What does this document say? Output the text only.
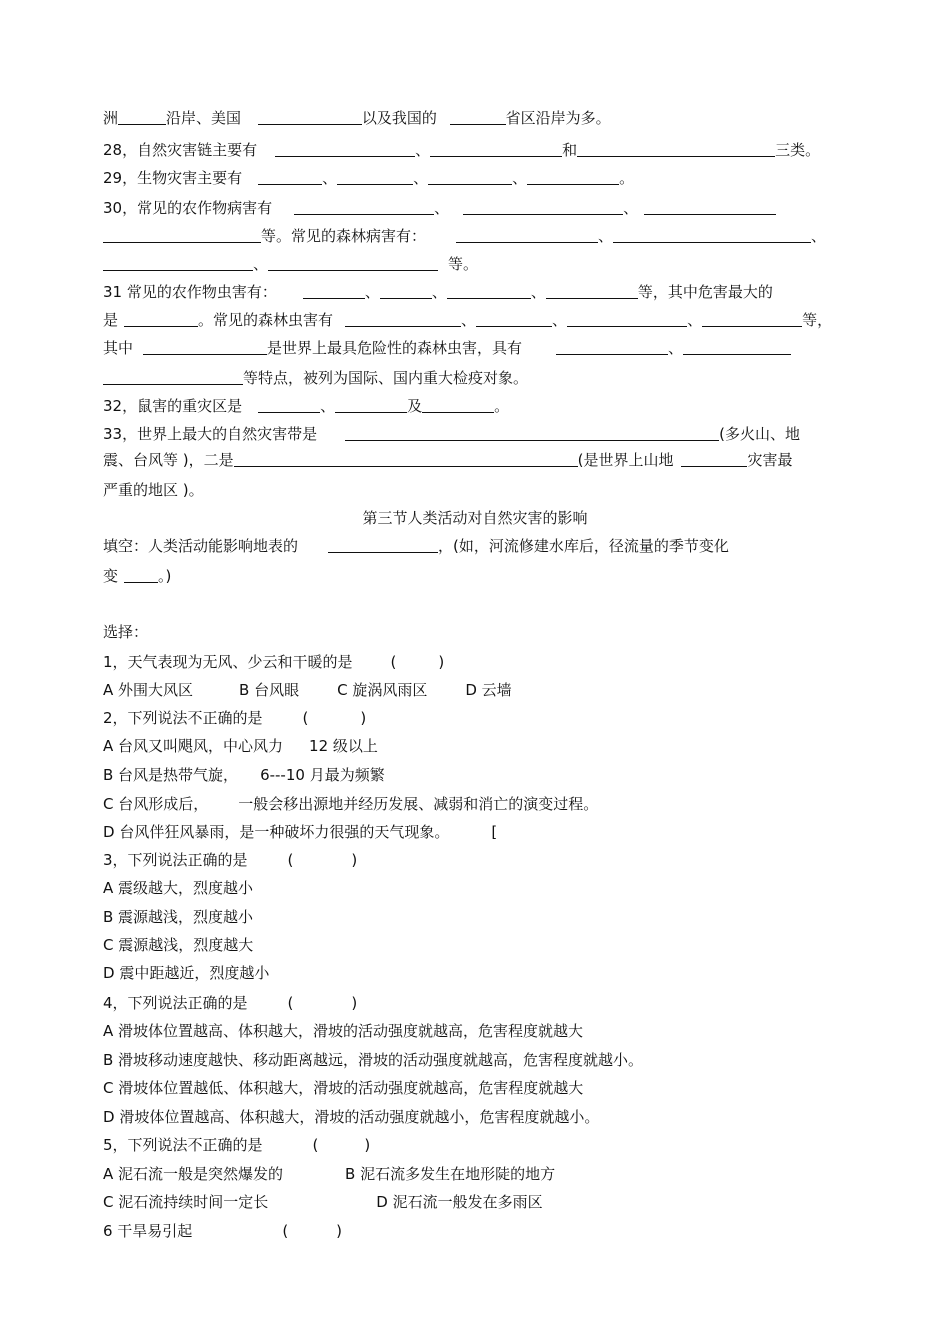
洲	沿岸、美国	以及我国的	省区沿岸为多。
28，自然灾害链主要有	、	和	三类。
29，生物灾害主要有	、	、	、	。
30，常见的农作物病害有	、	、
等。常见的森林病害有：	、	、
、	等。
31 常见的农作物虫害有：	、	、	、	等，其中危害最大的
是	。常见的森林虫害有	、	、	、	等，
其中	是世界上最具危险性的森林虫害，具有	、
等特点，被列为国际、国内重大检疫对象。
32，鼠害的重灾区是	、	及	。
33，世界上最大的自然灾害带是	(多火山、地
震、台风等 )，二是	(是世界上山地	灾害最
严重的地区 )。
第三节人类活动对自然灾害的影响
填空：人类活动能影响地表的	，(如，河流修建水库后，径流量的季节变化
变	。)
选择：
1，天气表现为无风、少云和干暖的是	(	)
A 外围大风区	B 台风眼	C 旋涡风雨区	D 云墙
2，下列说法不正确的是	(	)
A 台风又叫飓风，中心风力 12 级以上
B 台风是热带气旋， 6---10 月最为频繁
C 台风形成后， 一般会移出源地并经历发展、减弱和消亡的演变过程。
D 台风伴狂风暴雨，是一种破坏力很强的天气现象。	[
3，下列说法正确的是	(	)
A 震级越大，烈度越小
B 震源越浅，烈度越小
C 震源越浅，烈度越大
D 震中距越近，烈度越小
4，下列说法正确的是	(	)
A 滑坡体位置越高、体积越大，滑坡的活动强度就越高，危害程度就越大
B 滑坡移动速度越快、移动距离越远，滑坡的活动强度就越高，危害程度就越小。
C 滑坡体位置越低、体积越大，滑坡的活动强度就越高，危害程度就越大
D 滑坡体位置越高、体积越大，滑坡的活动强度就越小，危害程度就越小。
5，下列说法不正确的是	(	)
A 泥石流一般是突然爆发的	B 泥石流多发生在地形陡的地方
C 泥石流持续时间一定长	D 泥石流一般发在多雨区
6 干旱易引起	(	)
